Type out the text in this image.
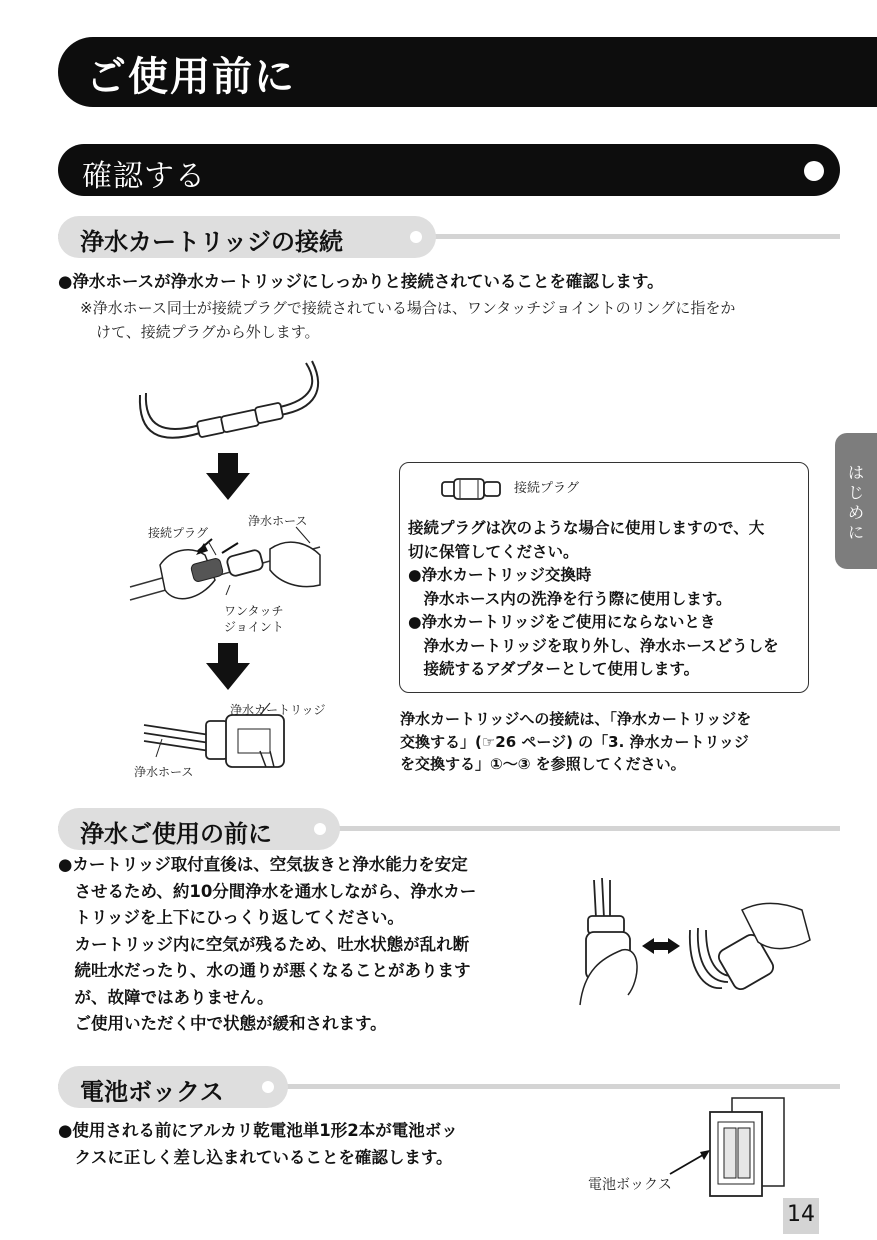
ご使用前に
確認する
はじめに
浄水カートリッジの接続
●浄水ホースが浄水カートリッジにしっかりと接続されていることを確認します。
※浄水ホース同士が接続プラグで接続されている場合は、ワンタッチジョイントのリングに指をか
けて、接続プラグから外します。
接続プラグ
浄水ホース
ワンタッチ
ジョイント
浄水カートリッジ
浄水ホース
接続プラグ
接続プラグは次のような場合に使用しますので、大
切に保管してください。
●浄水カートリッジ交換時
　浄水ホース内の洗浄を行う際に使用します。
●浄水カートリッジをご使用にならないとき
　浄水カートリッジを取り外し、浄水ホースどうしを
　接続するアダプターとして使用します。
浄水カートリッジへの接続は、「浄水カートリッジを
交換する」(☞26 ページ) の「3. 浄水カートリッジ
を交換する」①～③ を参照してください。
浄水ご使用の前に
●カートリッジ取付直後は、空気抜きと浄水能力を安定
　させるため、約10分間浄水を通水しながら、浄水カー
　トリッジを上下にひっくり返してください。
　カートリッジ内に空気が残るため、吐水状態が乱れ断
　続吐水だったり、水の通りが悪くなることがあります
　が、故障ではありません。
　ご使用いただく中で状態が緩和されます。
電池ボックス
●使用される前にアルカリ乾電池単1形2本が電池ボッ
　クスに正しく差し込まれていることを確認します。
電池ボックス
14
